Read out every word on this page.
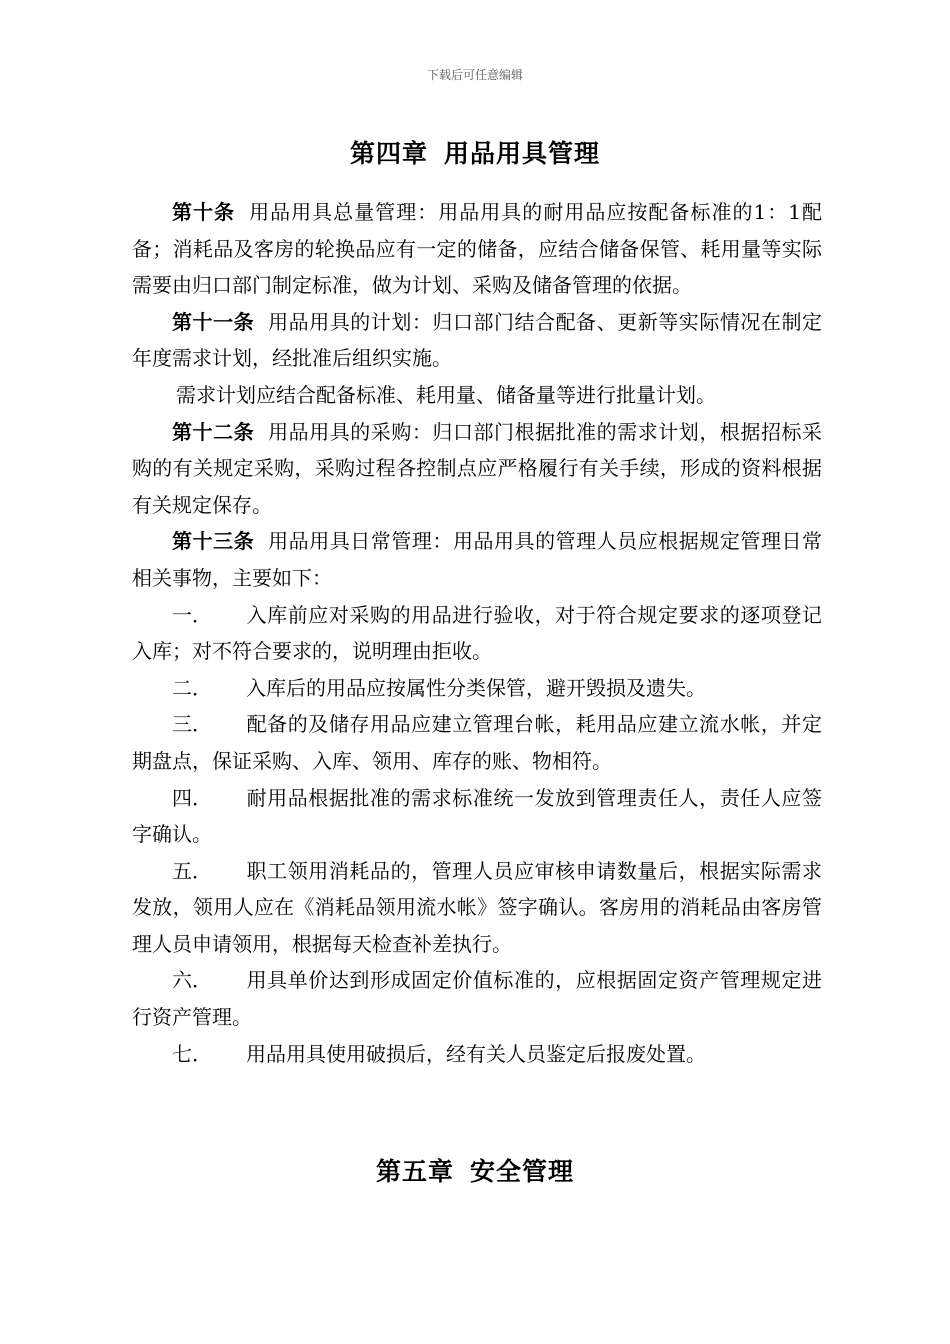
下载后可任意编辑
第四章 用品用具管理

第十条 用品用具总量管理：用品用具的耐用品应按配备标准的1：1配备；消耗品及客房的轮换品应有一定的储备，应结合储备保管、耗用量等实际需要由归口部门制定标准，做为计划、采购及储备管理的依据。

第十一条 用品用具的计划：归口部门结合配备、更新等实际情况在制定年度需求计划，经批准后组织实施。

需求计划应结合配备标准、耗用量、储备量等进行批量计划。

第十二条 用品用具的采购：归口部门根据批准的需求计划，根据招标采购的有关规定采购，采购过程各控制点应严格履行有关手续，形成的资料根据有关规定保存。

第十三条 用品用具日常管理：用品用具的管理人员应根据规定管理日常相关事物，主要如下：

一． 入库前应对采购的用品进行验收，对于符合规定要求的逐项登记入库；对不符合要求的，说明理由拒收。

二． 入库后的用品应按属性分类保管，避开毁损及遗失。

三． 配备的及储存用品应建立管理台帐，耗用品应建立流水帐，并定期盘点，保证采购、入库、领用、库存的账、物相符。

四． 耐用品根据批准的需求标准统一发放到管理责任人，责任人应签字确认。

五． 职工领用消耗品的，管理人员应审核申请数量后，根据实际需求发放，领用人应在《消耗品领用流水帐》签字确认。客房用的消耗品由客房管理人员申请领用，根据每天检查补差执行。

六． 用具单价达到形成固定价值标准的，应根据固定资产管理规定进行资产管理。

七． 用品用具使用破损后，经有关人员鉴定后报废处置。

第五章 安全管理
